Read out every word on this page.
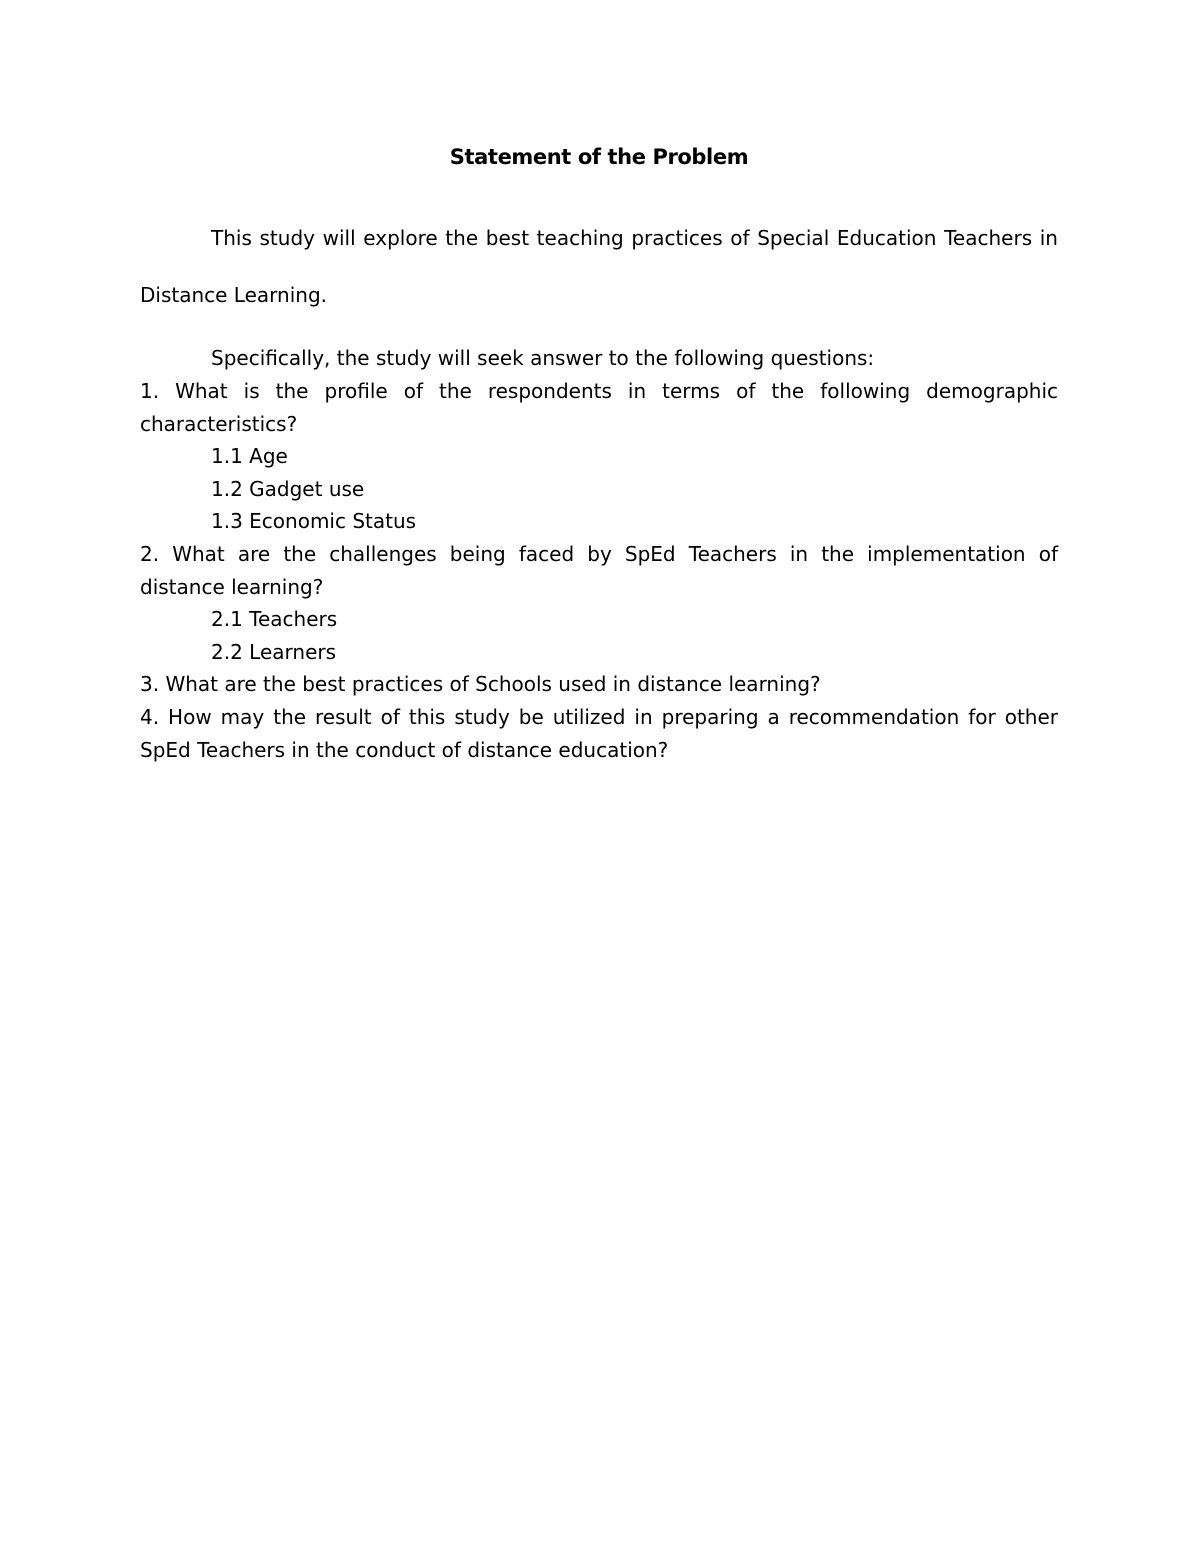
Statement of the Problem

This study will explore the best teaching practices of Special Education Teachers in Distance Learning.

Specifically, the study will seek answer to the following questions:

1. What is the profile of the respondents in terms of the following demographic characteristics?
1.1 Age
1.2 Gadget use
1.3 Economic Status
2. What are the challenges being faced by SpEd Teachers in the implementation of distance learning?
2.1 Teachers
2.2 Learners
3. What are the best practices of Schools used in distance learning?
4. How may the result of this study be utilized in preparing a recommendation for other SpEd Teachers in the conduct of distance education?
